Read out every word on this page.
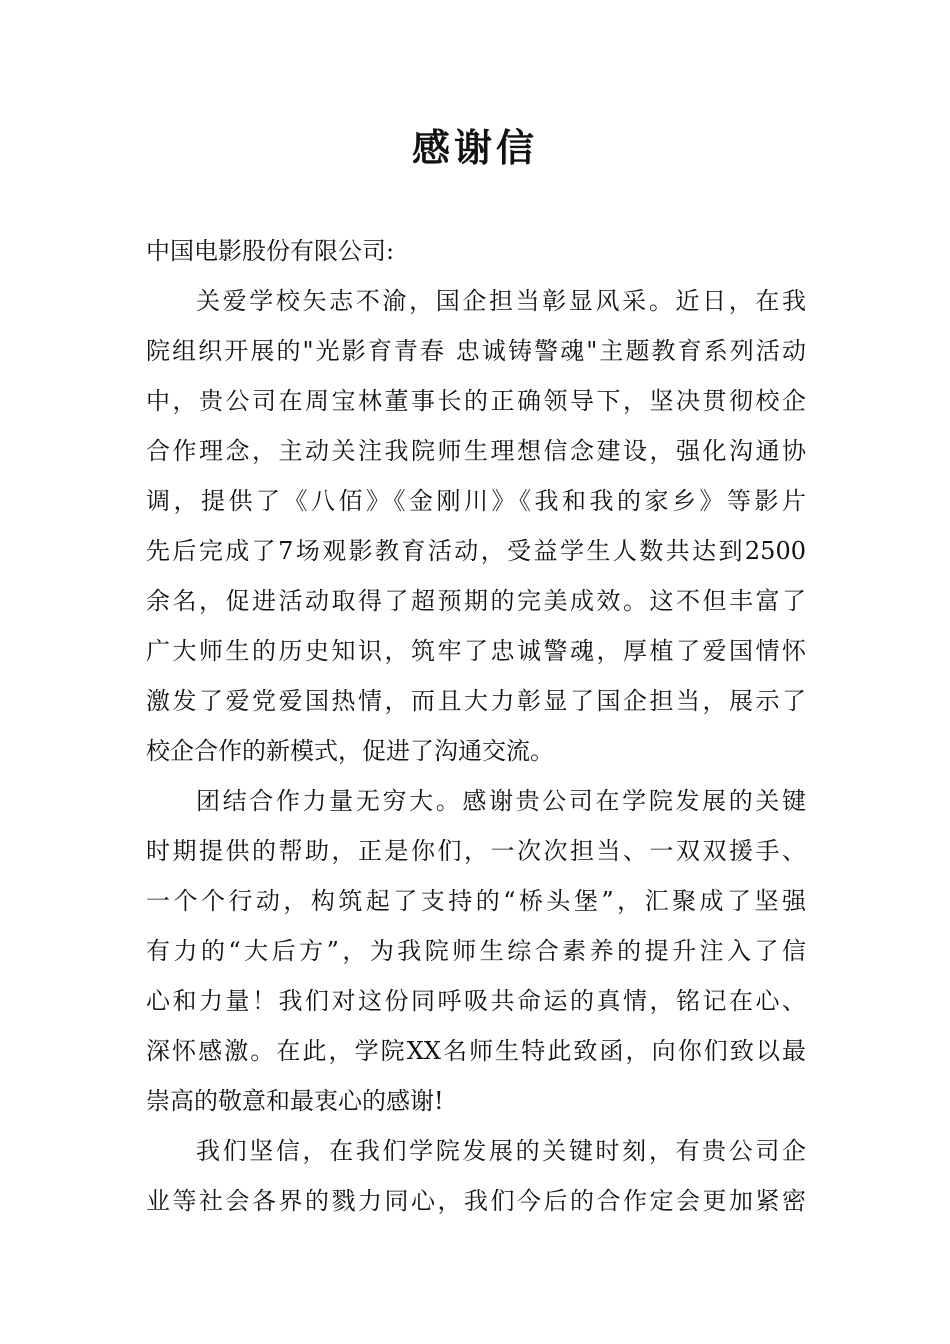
感谢信
中国电影股份有限公司:
关爱学校矢志不渝，国企担当彰显风采。近日，在我
院组织开展的"光影育青春 忠诚铸警魂"主题教育系列活动
中，贵公司在周宝林董事长的正确领导下，坚决贯彻校企
合作理念，主动关注我院师生理想信念建设，强化沟通协
调，提供了《八佰》《金刚川》《我和我的家乡》等影片
先后完成了7场观影教育活动，受益学生人数共达到2500
余名，促进活动取得了超预期的完美成效。这不但丰富了
广大师生的历史知识，筑牢了忠诚警魂，厚植了爱国情怀
激发了爱党爱国热情，而且大力彰显了国企担当，展示了
校企合作的新模式，促进了沟通交流。
团结合作力量无穷大。感谢贵公司在学院发展的关键
时期提供的帮助，正是你们，一次次担当、一双双援手、
一个个行动，构筑起了支持的“桥头堡”，汇聚成了坚强
有力的“大后方”，为我院师生综合素养的提升注入了信
心和力量！我们对这份同呼吸共命运的真情，铭记在心、
深怀感激。在此，学院XX名师生特此致函，向你们致以最
崇高的敬意和最衷心的感谢!
我们坚信，在我们学院发展的关键时刻，有贵公司企
业等社会各界的戮力同心，我们今后的合作定会更加紧密
